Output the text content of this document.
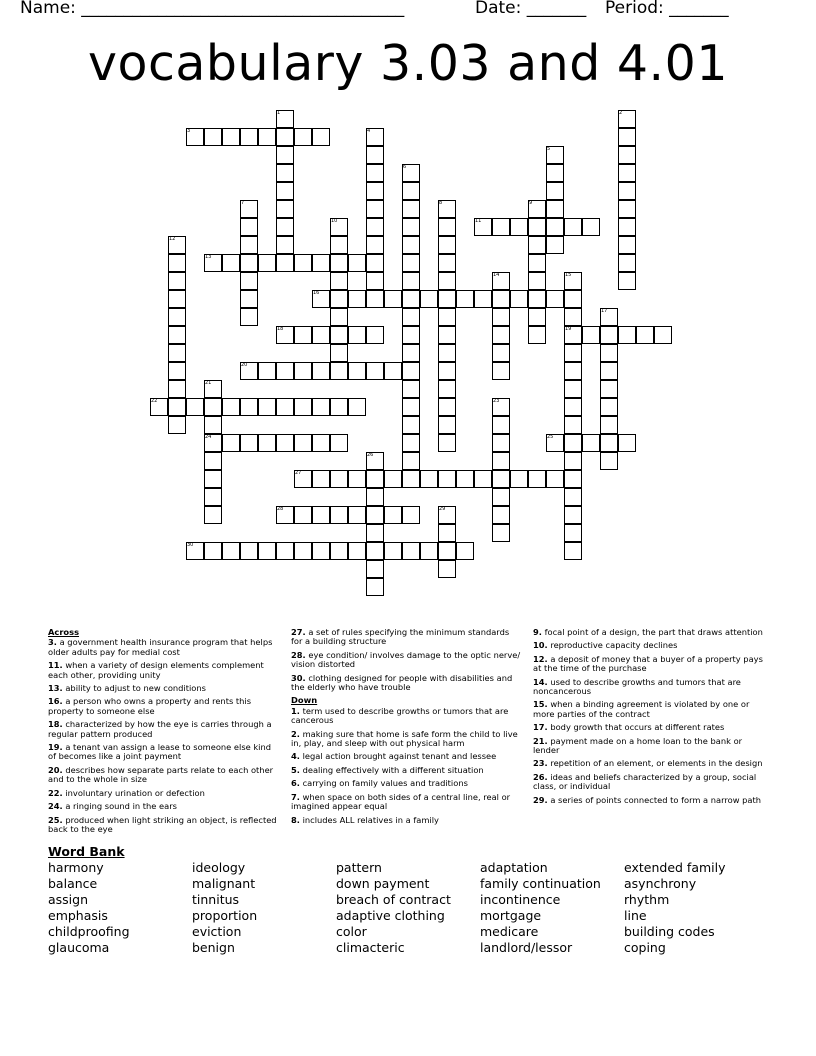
Name: ______________________________________	Date: _______ Period: _______
vocabulary 3.03 and 4.01
1	2
3	4
5
6
7	8	9
10	11
12
13
14	15
16
17
18	19
20
21
22	23
24	25
26
27
28	29
30
Across
3. a government health insurance program that helps older adults pay for medial cost
11. when a variety of design elements complement each other, providing unity
13. ability to adjust to new conditions
16. a person who owns a property and rents this property to someone else
18. characterized by how the eye is carries through a regular pattern produced
19. a tenant van assign a lease to someone else kind of becomes like a joint payment
20. describes how separate parts relate to each other and to the whole in size
22. involuntary urination or defection
24. a ringing sound in the ears
25. produced when light striking an object, is reflected back to the eye
27. a set of rules specifying the minimum standards for a building structure
28. eye condition/ involves damage to the optic nerve/ vision distorted
30. clothing designed for people with disabilities and the elderly who have trouble
Down
1. term used to describe growths or tumors that are cancerous
2. making sure that home is safe form the child to live in, play, and sleep with out physical harm
4. legal action brought against tenant and lessee
5. dealing effectively with a different situation
6. carrying on family values and traditions
7. when space on both sides of a central line, real or imagined appear equal
8. includes ALL relatives in a family
9. focal point of a design, the part that draws attention
10. reproductive capacity declines
12. a deposit of money that a buyer of a property pays at the time of the purchase
14. used to describe growths and tumors that are noncancerous
15. when a binding agreement is violated by one or more parties of the contract
17. body growth that occurs at different rates
21. payment made on a home loan to the bank or lender
23. repetition of an element, or elements in the design
26. ideas and beliefs characterized by a group, social class, or individual
29. a series of points connected to form a narrow path
Word Bank
harmony
balance
assign
emphasis
childproofing
glaucoma
ideology
malignant
tinnitus
proportion
eviction
benign
pattern
down payment
breach of contract
adaptive clothing
color
climacteric
adaptation
family continuation
incontinence
mortgage
medicare
landlord/lessor
extended family
asynchrony
rhythm
line
building codes
coping
